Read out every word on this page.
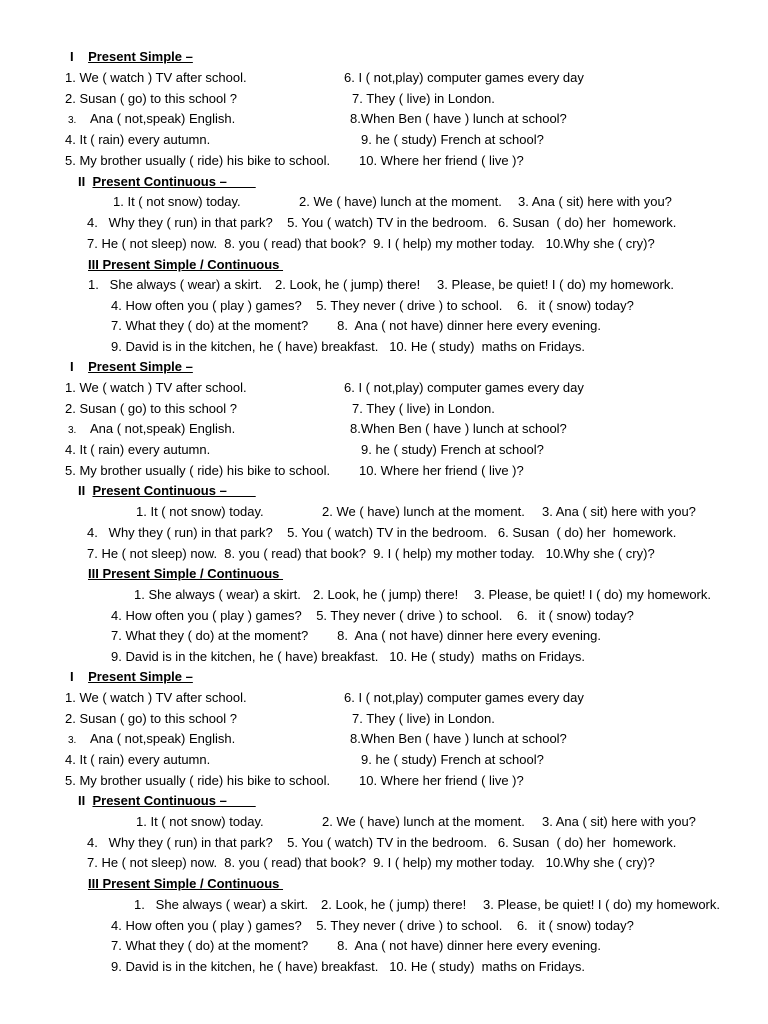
I Present Simple –
1. We ( watch ) TV after school.	6. I ( not,play) computer games every day
2. Susan ( go) to this school ?	7. They ( live) in London.
3. Ana ( not,speak) English.	8.When Ben ( have ) lunch at school?
4. It ( rain) every autumn.	9. he ( study) French at school?
5. My brother usually ( ride) his bike to school. 10. Where her friend ( live )?
II Present Continuous –
1. It ( not snow) today.	2. We ( have) lunch at the moment. 3. Ana ( sit) here with you?
4.   Why they ( run) in that park?    5. You ( watch) TV in the bedroom.   6. Susan  ( do) her  homework.
7. He ( not sleep) now.  8. you ( read) that book?  9. I ( help) my mother today.   10.Why she ( cry)?
III Present Simple / Continuous
1.   She always ( wear) a skirt. 2. Look, he ( jump) there! 3. Please, be quiet! I ( do) my homework.
4. How often you ( play ) games?    5. They never ( drive ) to school.    6.   it ( snow) today?
7. What they ( do) at the moment?        8.  Ana ( not have) dinner here every evening.
9. David is in the kitchen, he ( have) breakfast.   10. He ( study)  maths on Fridays.
I Present Simple –
1. We ( watch ) TV after school.	6. I ( not,play) computer games every day
2. Susan ( go) to this school ?	7. They ( live) in London.
3. Ana ( not,speak) English.	8.When Ben ( have ) lunch at school?
4. It ( rain) every autumn.	9. he ( study) French at school?
5. My brother usually ( ride) his bike to school. 10. Where her friend ( live )?
II Present Continuous –
1. It ( not snow) today.	2. We ( have) lunch at the moment. 3. Ana ( sit) here with you?
4.   Why they ( run) in that park?    5. You ( watch) TV in the bedroom.   6. Susan  ( do) her  homework.
7. He ( not sleep) now.  8. you ( read) that book?  9. I ( help) my mother today.   10.Why she ( cry)?
III Present Simple / Continuous
1. She always ( wear) a skirt. 2. Look, he ( jump) there! 3. Please, be quiet! I ( do) my homework.
4. How often you ( play ) games?    5. They never ( drive ) to school.    6.   it ( snow) today?
7. What they ( do) at the moment?        8.  Ana ( not have) dinner here every evening.
9. David is in the kitchen, he ( have) breakfast.   10. He ( study)  maths on Fridays.
I Present Simple –
1. We ( watch ) TV after school.	6. I ( not,play) computer games every day
2. Susan ( go) to this school ?	7. They ( live) in London.
3. Ana ( not,speak) English.	8.When Ben ( have ) lunch at school?
4. It ( rain) every autumn.	9. he ( study) French at school?
5. My brother usually ( ride) his bike to school. 10. Where her friend ( live )?
II Present Continuous –
1. It ( not snow) today.	2. We ( have) lunch at the moment. 3. Ana ( sit) here with you?
4.   Why they ( run) in that park?    5. You ( watch) TV in the bedroom.   6. Susan  ( do) her  homework.
7. He ( not sleep) now.  8. you ( read) that book?  9. I ( help) my mother today.   10.Why she ( cry)?
III Present Simple / Continuous
1.   She always ( wear) a skirt. 2. Look, he ( jump) there! 3. Please, be quiet! I ( do) my homework.
4. How often you ( play ) games?    5. They never ( drive ) to school.    6.   it ( snow) today?
7. What they ( do) at the moment?        8.  Ana ( not have) dinner here every evening.
9. David is in the kitchen, he ( have) breakfast.   10. He ( study)  maths on Fridays.
